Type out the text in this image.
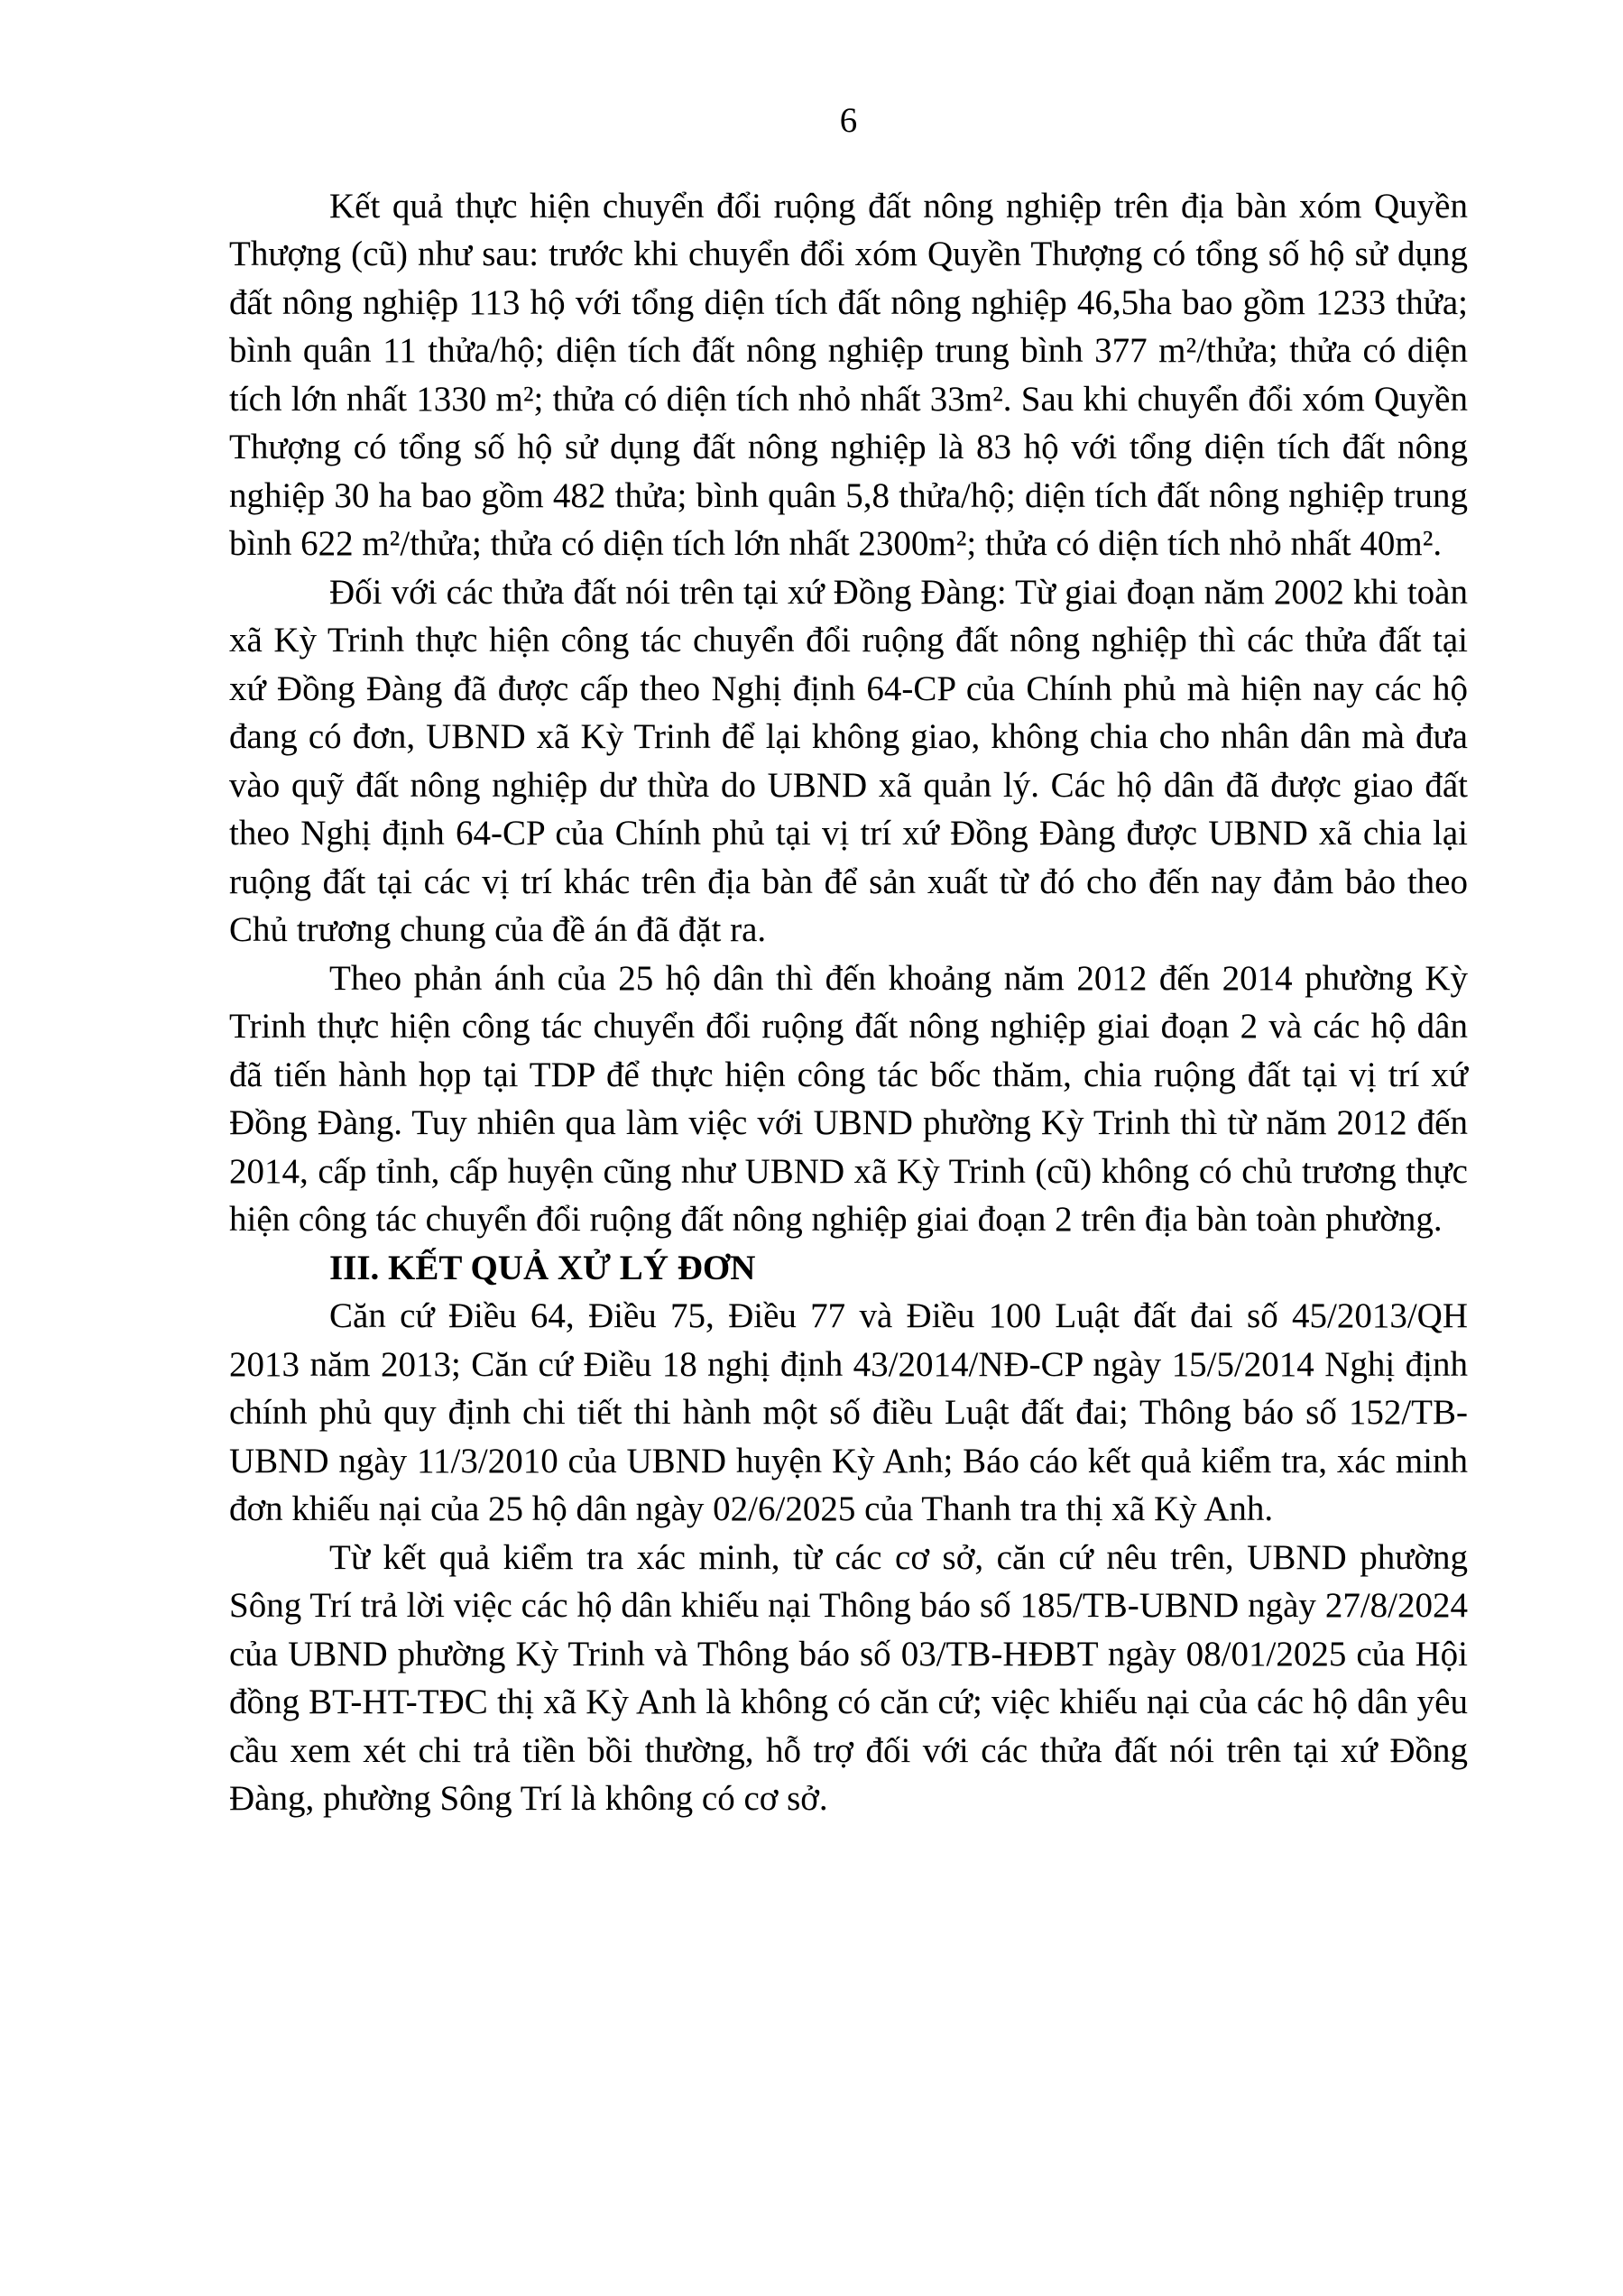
6

Kết quả thực hiện chuyển đổi ruộng đất nông nghiệp trên địa bàn xóm Quyền Thượng (cũ) như sau: trước khi chuyển đổi xóm Quyền Thượng có tổng số hộ sử dụng đất nông nghiệp 113 hộ với tổng diện tích đất nông nghiệp 46,5ha bao gồm 1233 thửa; bình quân 11 thửa/hộ; diện tích đất nông nghiệp trung bình 377 m²/thửa; thửa có diện tích lớn nhất 1330 m²; thửa có diện tích nhỏ nhất 33m². Sau khi chuyển đổi xóm Quyền Thượng có tổng số hộ sử dụng đất nông nghiệp là 83 hộ với tổng diện tích đất nông nghiệp 30 ha bao gồm 482 thửa; bình quân 5,8 thửa/hộ; diện tích đất nông nghiệp trung bình 622 m²/thửa; thửa có diện tích lớn nhất 2300m²; thửa có diện tích nhỏ nhất 40m².

Đối với các thửa đất nói trên tại xứ Đồng Đàng: Từ giai đoạn năm 2002 khi toàn xã Kỳ Trinh thực hiện công tác chuyển đổi ruộng đất nông nghiệp thì các thửa đất tại xứ Đồng Đàng đã được cấp theo Nghị định 64-CP của Chính phủ mà hiện nay các hộ đang có đơn, UBND xã Kỳ Trinh để lại không giao, không chia cho nhân dân mà đưa vào quỹ đất nông nghiệp dư thừa do UBND xã quản lý. Các hộ dân đã được giao đất theo Nghị định 64-CP của Chính phủ tại vị trí xứ Đồng Đàng được UBND xã chia lại ruộng đất tại các vị trí khác trên địa bàn để sản xuất từ đó cho đến nay đảm bảo theo Chủ trương chung của đề án đã đặt ra.

Theo phản ánh của 25 hộ dân thì đến khoảng năm 2012 đến 2014 phường Kỳ Trinh thực hiện công tác chuyển đổi ruộng đất nông nghiệp giai đoạn 2 và các hộ dân đã tiến hành họp tại TDP để thực hiện công tác bốc thăm, chia ruộng đất tại vị trí xứ Đồng Đàng. Tuy nhiên qua làm việc với UBND phường Kỳ Trinh thì từ năm 2012 đến 2014, cấp tỉnh, cấp huyện cũng như UBND xã Kỳ Trinh (cũ) không có chủ trương thực hiện công tác chuyển đổi ruộng đất nông nghiệp giai đoạn 2 trên địa bàn toàn phường.

III. KẾT QUẢ XỬ LÝ ĐƠN

Căn cứ Điều 64, Điều 75, Điều 77 và Điều 100 Luật đất đai số 45/2013/QH 2013 năm 2013; Căn cứ Điều 18 nghị định 43/2014/NĐ-CP ngày 15/5/2014 Nghị định chính phủ quy định chi tiết thi hành một số điều Luật đất đai; Thông báo số 152/TB-UBND ngày 11/3/2010 của UBND huyện Kỳ Anh; Báo cáo kết quả kiểm tra, xác minh đơn khiếu nại của 25 hộ dân ngày 02/6/2025 của Thanh tra thị xã Kỳ Anh.

Từ kết quả kiểm tra xác minh, từ các cơ sở, căn cứ nêu trên, UBND phường Sông Trí trả lời việc các hộ dân khiếu nại Thông báo số 185/TB-UBND ngày 27/8/2024 của UBND phường Kỳ Trinh và Thông báo số 03/TB-HĐBT ngày 08/01/2025 của Hội đồng BT-HT-TĐC thị xã Kỳ Anh là không có căn cứ; việc khiếu nại của các hộ dân yêu cầu xem xét chi trả tiền bồi thường, hỗ trợ đối với các thửa đất nói trên tại xứ Đồng Đàng, phường Sông Trí là không có cơ sở.
